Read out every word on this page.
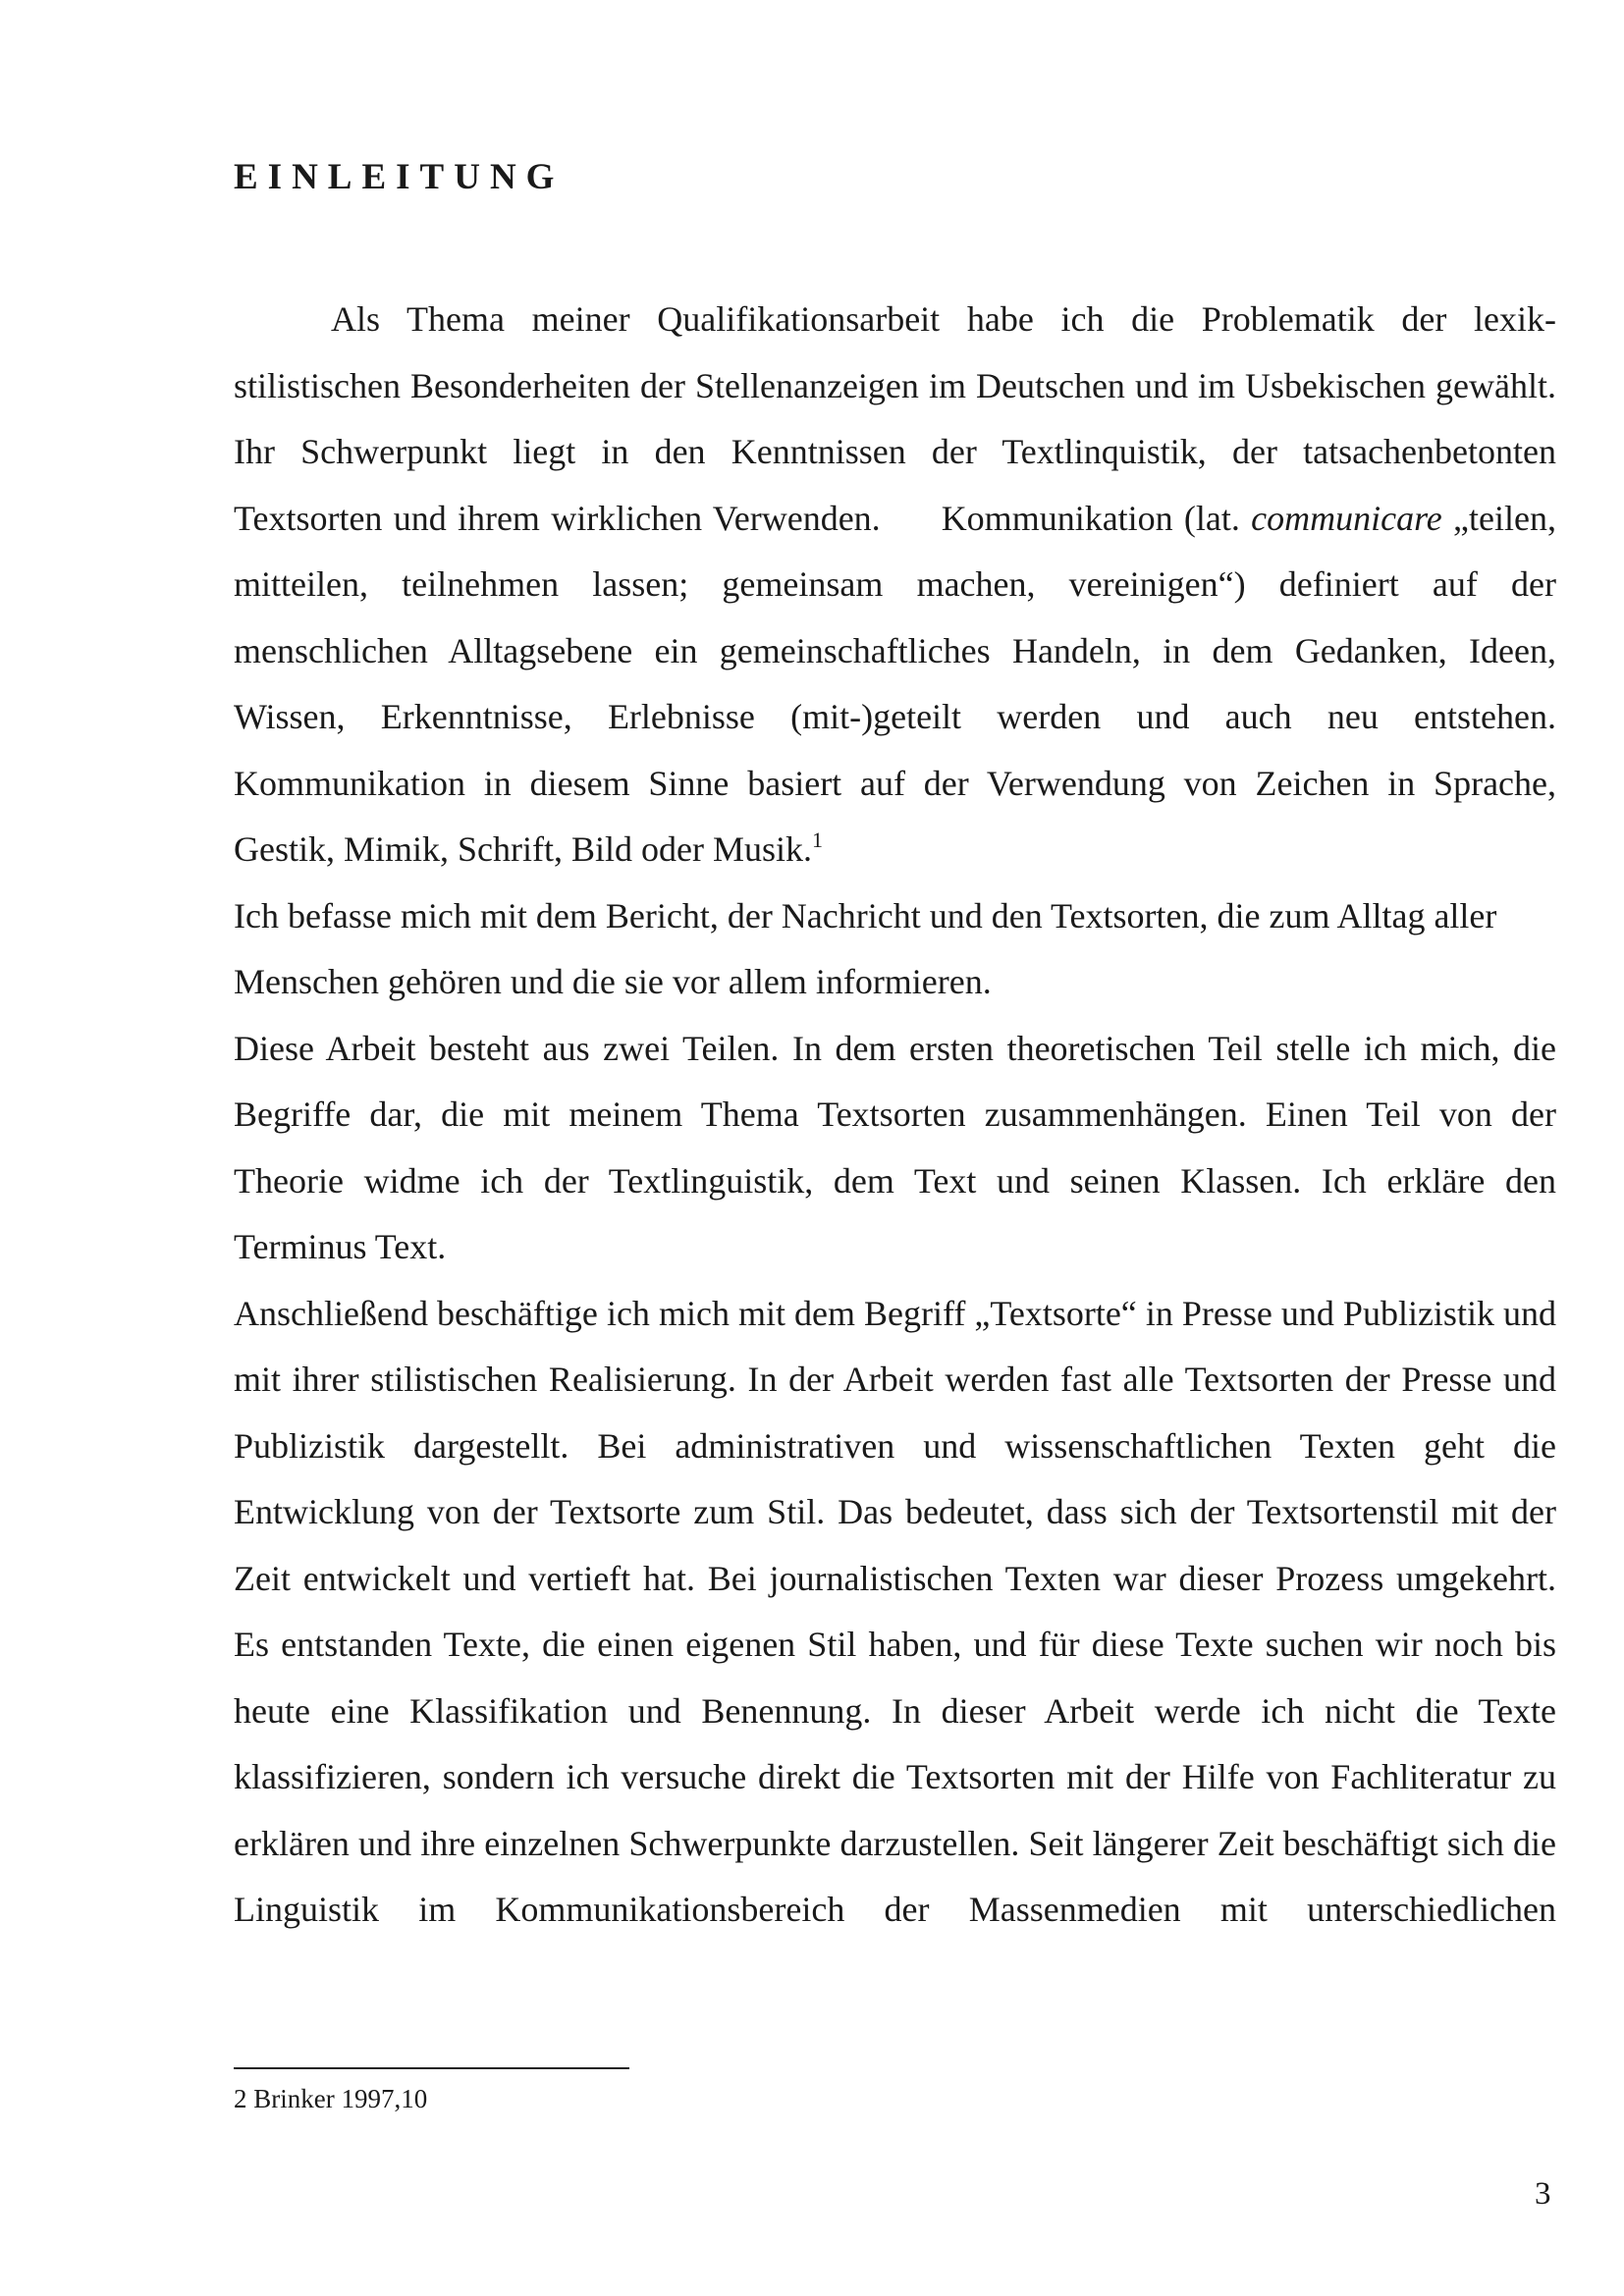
EINLEITUNG

Als Thema meiner Qualifikationsarbeit habe ich die Problematik der lexik-stilistischen Besonderheiten der Stellenanzeigen im Deutschen und im Usbekischen gewählt. Ihr Schwerpunkt liegt in den Kenntnissen der Textlinquistik, der tatsachenbetonten Textsorten und ihrem wirklichen Verwenden. Kommunikation (lat. communicare „teilen, mitteilen, teilnehmen lassen; gemeinsam machen, vereinigen“) definiert auf der menschlichen Alltagsebene ein gemeinschaftliches Handeln, in dem Gedanken, Ideen, Wissen, Erkenntnisse, Erlebnisse (mit-)geteilt werden und auch neu entstehen. Kommunikation in diesem Sinne basiert auf der Verwendung von Zeichen in Sprache, Gestik, Mimik, Schrift, Bild oder Musik.$^1$

Ich befasse mich mit dem Bericht, der Nachricht und den Textsorten, die zum Alltag aller Menschen gehören und die sie vor allem informieren.

Diese Arbeit besteht aus zwei Teilen. In dem ersten theoretischen Teil stelle ich mich, die Begriffe dar, die mit meinem Thema Textsorten zusammenhängen. Einen Teil von der Theorie widme ich der Textlinguistik, dem Text und seinen Klassen. Ich erkläre den Terminus Text.

Anschließend beschäftige ich mich mit dem Begriff „Textsorte“ in Presse und Publizistik und mit ihrer stilistischen Realisierung. In der Arbeit werden fast alle Textsorten der Presse und Publizistik dargestellt. Bei administrativen und wissenschaftlichen Texten geht die Entwicklung von der Textsorte zum Stil. Das bedeutet, dass sich der Textsortenstil mit der Zeit entwickelt und vertieft hat. Bei journalistischen Texten war dieser Prozess umgekehrt. Es entstanden Texte, die einen eigenen Stil haben, und für diese Texte suchen wir noch bis heute eine Klassifikation und Benennung. In dieser Arbeit werde ich nicht die Texte klassifizieren, sondern ich versuche direkt die Textsorten mit der Hilfe von Fachliteratur zu erklären und ihre einzelnen Schwerpunkte darzustellen. Seit längerer Zeit beschäftigt sich die Linguistik im Kommunikationsbereich der Massenmedien mit unterschiedlichen

2 Brinker 1997,10
3
